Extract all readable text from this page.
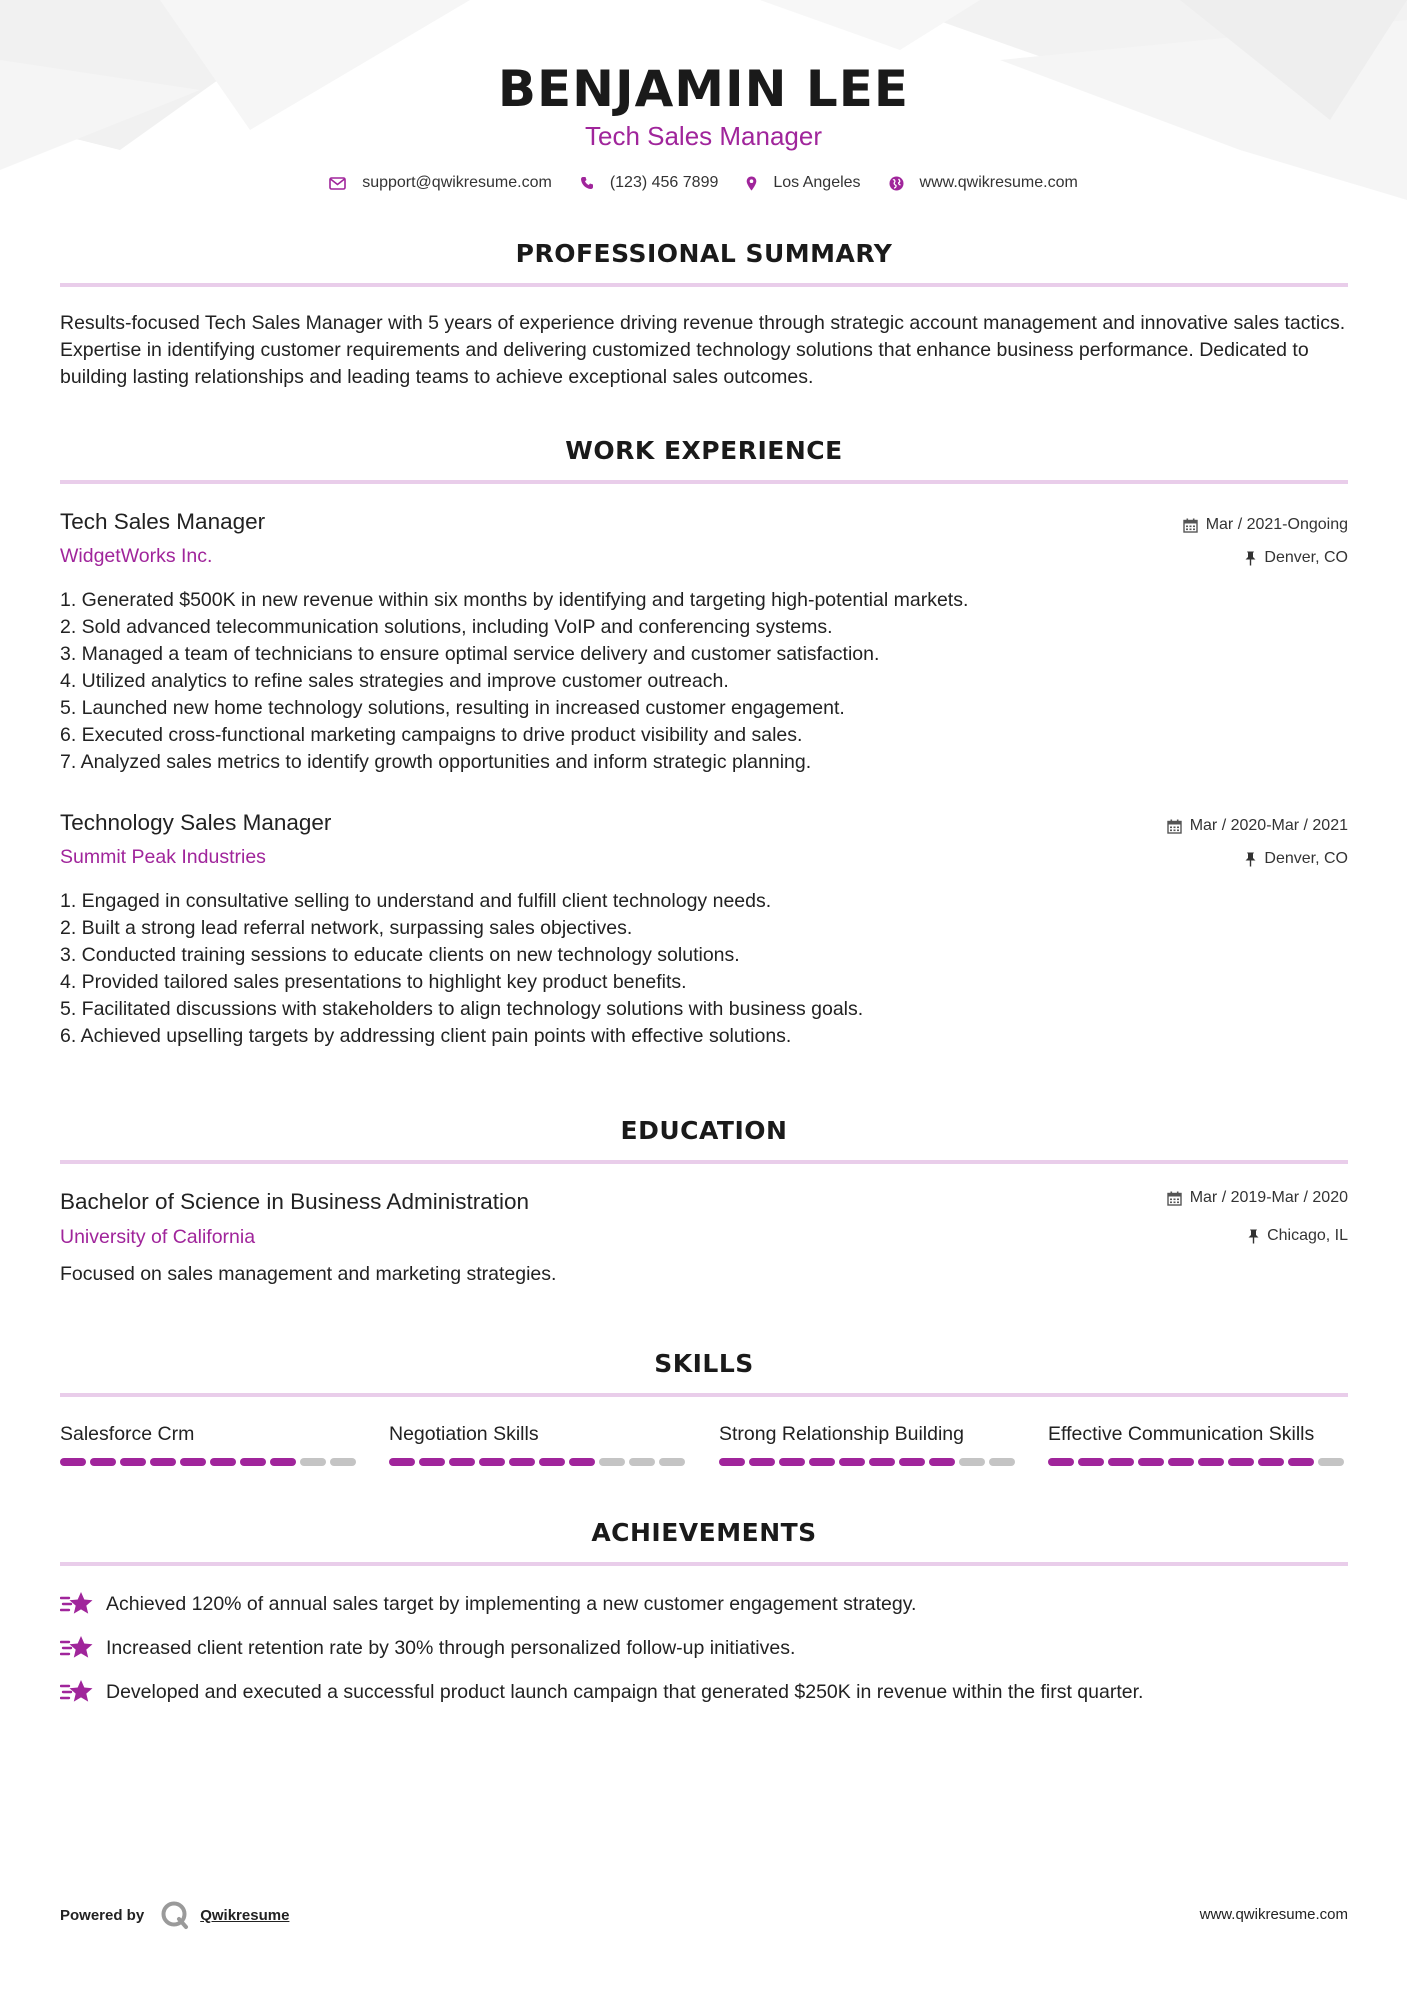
BENJAMIN LEE
Tech Sales Manager
support@qwikresume.com	(123) 456 7899	Los Angeles	www.qwikresume.com
PROFESSIONAL SUMMARY

Results-focused Tech Sales Manager with 5 years of experience driving revenue through strategic account management and innovative sales tactics. Expertise in identifying customer requirements and delivering customized technology solutions that enhance business performance. Dedicated to building lasting relationships and leading teams to achieve exceptional sales outcomes.

WORK EXPERIENCE
Tech Sales Manager
WidgetWorks Inc.
Mar / 2021-Ongoing
Denver, CO
1. Generated $500K in new revenue within six months by identifying and targeting high-potential markets.
2. Sold advanced telecommunication solutions, including VoIP and conferencing systems.
3. Managed a team of technicians to ensure optimal service delivery and customer satisfaction.
4. Utilized analytics to refine sales strategies and improve customer outreach.
5. Launched new home technology solutions, resulting in increased customer engagement.
6. Executed cross-functional marketing campaigns to drive product visibility and sales.
7. Analyzed sales metrics to identify growth opportunities and inform strategic planning.
Technology Sales Manager
Summit Peak Industries
Mar / 2020-Mar / 2021
Denver, CO
1. Engaged in consultative selling to understand and fulfill client technology needs.
2. Built a strong lead referral network, surpassing sales objectives.
3. Conducted training sessions to educate clients on new technology solutions.
4. Provided tailored sales presentations to highlight key product benefits.
5. Facilitated discussions with stakeholders to align technology solutions with business goals.
6. Achieved upselling targets by addressing client pain points with effective solutions.
EDUCATION
Bachelor of Science in Business Administration
University of California
Mar / 2019-Mar / 2020
Chicago, IL
Focused on sales management and marketing strategies.
SKILLS
Salesforce Crm	Negotiation Skills	Strong Relationship Building	Effective Communication Skills
ACHIEVEMENTS
Achieved 120% of annual sales target by implementing a new customer engagement strategy.
Increased client retention rate by 30% through personalized follow-up initiatives.
Developed and executed a successful product launch campaign that generated $250K in revenue within the first quarter.
Powered by	Qwikresume	www.qwikresume.com
